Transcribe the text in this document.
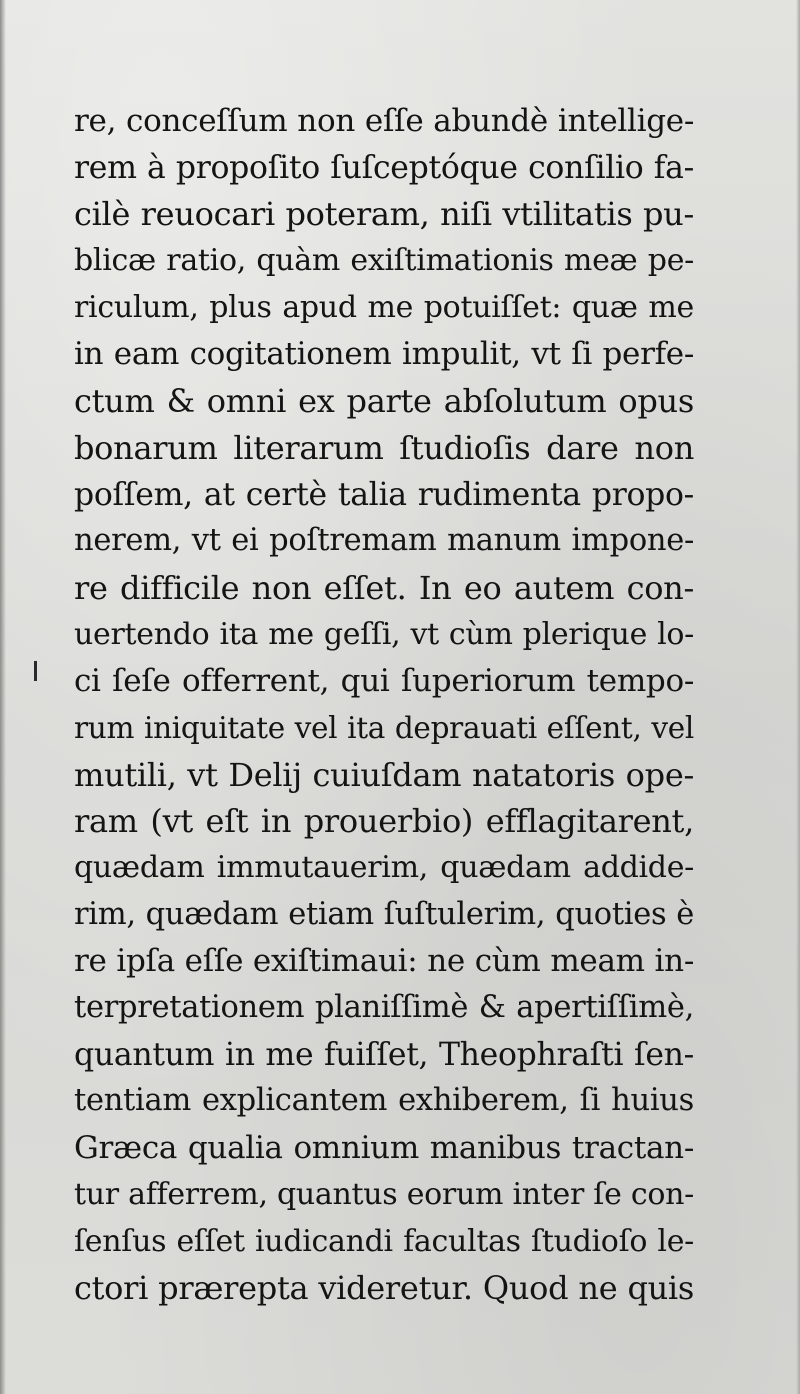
re, conceſſum non eſſe abundè intellige-
rem à propoſito ſuſceptóque conſilio fa-
cilè reuocari poteram, niſi vtilitatis pu-
blicæ ratio, quàm exiſtimationis meæ pe-
riculum, plus apud me potuiſſet: quæ me
in eam cogitationem impulit, vt ſi perfe-
ctum & omni ex parte abſolutum opus
bonarum literarum ſtudioſis dare non
poſſem, at certè talia rudimenta propo-
nerem, vt ei poſtremam manum impone-
re difficile non eſſet. In eo autem con-
uertendo ita me geſſi, vt cùm plerique lo-
ci ſeſe offerrent, qui ſuperiorum tempo-
rum iniquitate vel ita deprauati eſſent, vel
mutili, vt Delij cuiuſdam natatoris ope-
ram (vt eſt in prouerbio) efflagitarent,
quædam immutauerim, quædam addide-
rim, quædam etiam ſuſtulerim, quoties è
re ipſa eſſe exiſtimaui: ne cùm meam in-
terpretationem planiſſimè & apertiſſimè,
quantum in me fuiſſet, Theophraſti ſen-
tentiam explicantem exhiberem, ſi huius
Græca qualia omnium manibus tractan-
tur afferrem, quantus eorum inter ſe con-
ſenſus eſſet iudicandi facultas ſtudioſo le-
ctori prærepta videretur. Quod ne quis
